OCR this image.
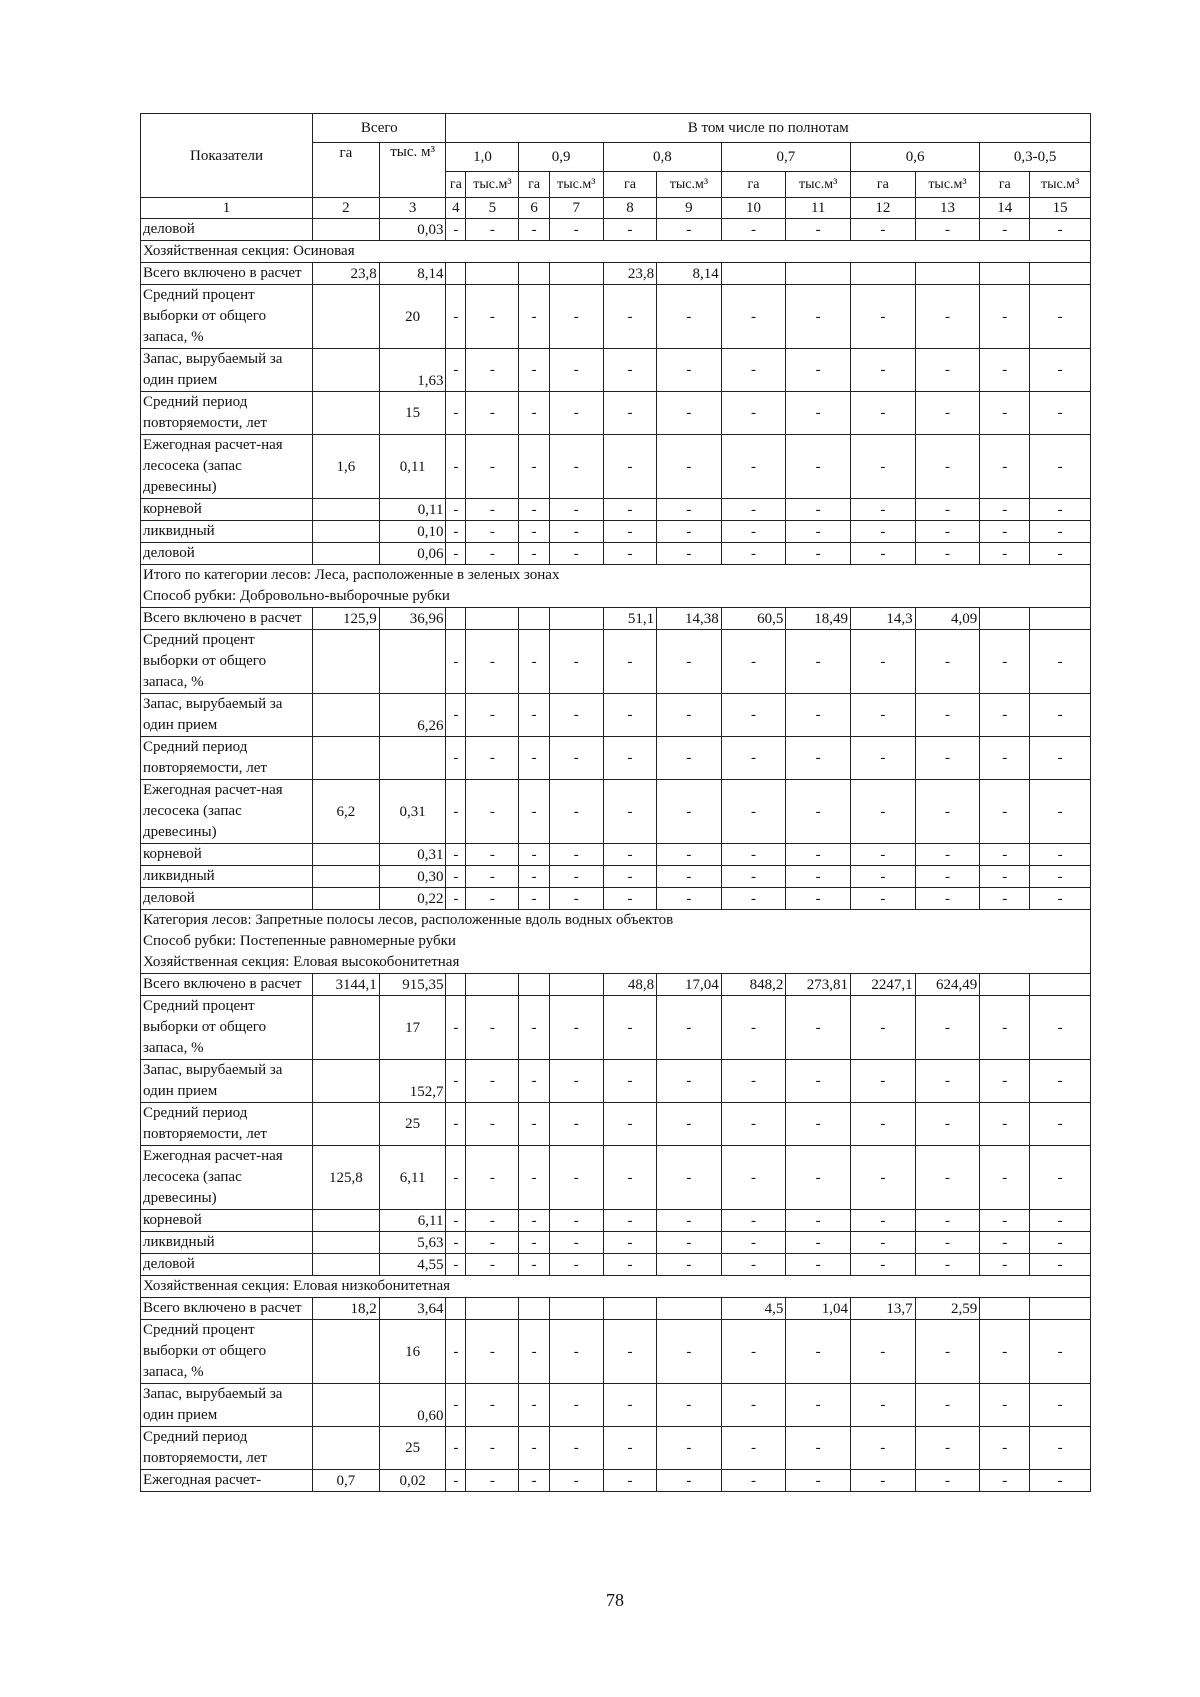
Показатели	Всего		В том числе по полнотам											
	га	тыс. м³	1,0		0,9		0,8		0,7		0,6		0,3-0,5	
			га	тыс.м³	га	тыс.м³	га	тыс.м³	га	тыс.м³	га	тыс.м³	га	тыс.м³
1	2	3	4	5	6	7	8	9	10	11	12	13	14	15
деловой		0,03	-	-	-	-	-	-	-	-	-	-	-	-

Хозяйственная секция: Осиновая														

Всего включено в расчет	23,8	8,14					23,8	8,14						
Средний процент выборки от общего запаса, %		20	-	-	-	-	-	-	-	-	-	-	-	-
Запас, вырубаемый за один прием		1,63	-	-	-	-	-	-	-	-	-	-	-	-
Средний период повторяемости, лет		15	-	-	-	-	-	-	-	-	-	-	-	-
Ежегодная расчет-ная лесосека (запас древесины)	1,6	0,11	-	-	-	-	-	-	-	-	-	-	-	-
корневой		0,11	-	-	-	-	-	-	-	-	-	-	-	-
ликвидный		0,10	-	-	-	-	-	-	-	-	-	-	-	-
деловой		0,06	-	-	-	-	-	-	-	-	-	-	-	-

Итого по категории лесов: Леса, расположенные в зеленых зонах
Способ рубки: Добровольно-выборочные рубки														

Всего включено в расчет	125,9	36,96					51,1	14,38	60,5	18,49	14,3	4,09		
Средний процент выборки от общего запаса, %			-	-	-	-	-	-	-	-	-	-	-	-
Запас, вырубаемый за один прием		6,26	-	-	-	-	-	-	-	-	-	-	-	-
Средний период повторяемости, лет			-	-	-	-	-	-	-	-	-	-	-	-
Ежегодная расчет-ная лесосека (запас древесины)	6,2	0,31	-	-	-	-	-	-	-	-	-	-	-	-
корневой		0,31	-	-	-	-	-	-	-	-	-	-	-	-
ликвидный		0,30	-	-	-	-	-	-	-	-	-	-	-	-
деловой		0,22	-	-	-	-	-	-	-	-	-	-	-	-

Категория лесов: Запретные полосы лесов, расположенные вдоль водных объектов
Способ рубки: Постепенные равномерные рубки
Хозяйственная секция: Еловая высокобонитетная														

Всего включено в расчет	3144,1	915,35					48,8	17,04	848,2	273,81	2247,1	624,49		
Средний процент выборки от общего запаса, %		17	-	-	-	-	-	-	-	-	-	-	-	-
Запас, вырубаемый за один прием		152,7	-	-	-	-	-	-	-	-	-	-	-	-
Средний период повторяемости, лет		25	-	-	-	-	-	-	-	-	-	-	-	-
Ежегодная расчет-ная лесосека (запас древесины)	125,8	6,11	-	-	-	-	-	-	-	-	-	-	-	-
корневой		6,11	-	-	-	-	-	-	-	-	-	-	-	-
ликвидный		5,63	-	-	-	-	-	-	-	-	-	-	-	-
деловой		4,55	-	-	-	-	-	-	-	-	-	-	-	-

Хозяйственная секция: Еловая низкобонитетная														

Всего включено в расчет	18,2	3,64							4,5	1,04	13,7	2,59		
Средний процент выборки от общего запаса, %		16	-	-	-	-	-	-	-	-	-	-	-	-
Запас, вырубаемый за один прием		0,60	-	-	-	-	-	-	-	-	-	-	-	-
Средний период повторяемости, лет		25	-	-	-	-	-	-	-	-	-	-	-	-
Ежегодная расчет-	0,7	0,02	-	-	-	-	-	-	-	-	-	-	-	-
78
